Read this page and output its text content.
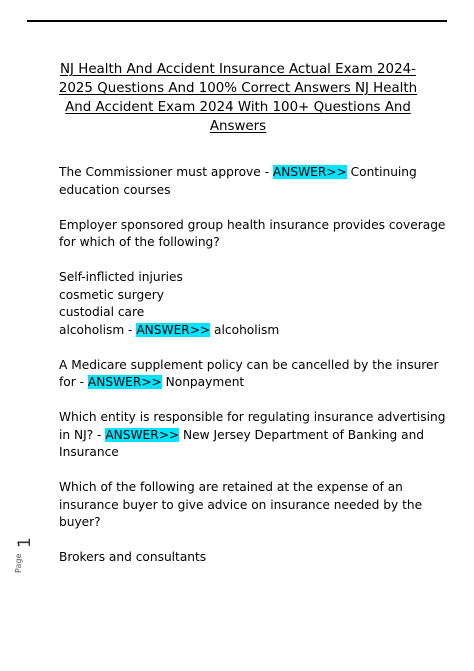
NJ Health And Accident Insurance Actual Exam 2024-
2025 Questions And 100% Correct Answers NJ Health
And Accident Exam 2024 With 100+ Questions And
Answers

The Commissioner must approve - ANSWER>> Continuing
education courses

Employer sponsored group health insurance provides coverage
for which of the following?

Self-inflicted injuries
cosmetic surgery
custodial care
alcoholism - ANSWER>> alcoholism

A Medicare supplement policy can be cancelled by the insurer
for - ANSWER>> Nonpayment

Which entity is responsible for regulating insurance advertising
in NJ? - ANSWER>> New Jersey Department of Banking and
Insurance

Which of the following are retained at the expense of an
insurance buyer to give advice on insurance needed by the
buyer?

Brokers and consultants

Page
1
